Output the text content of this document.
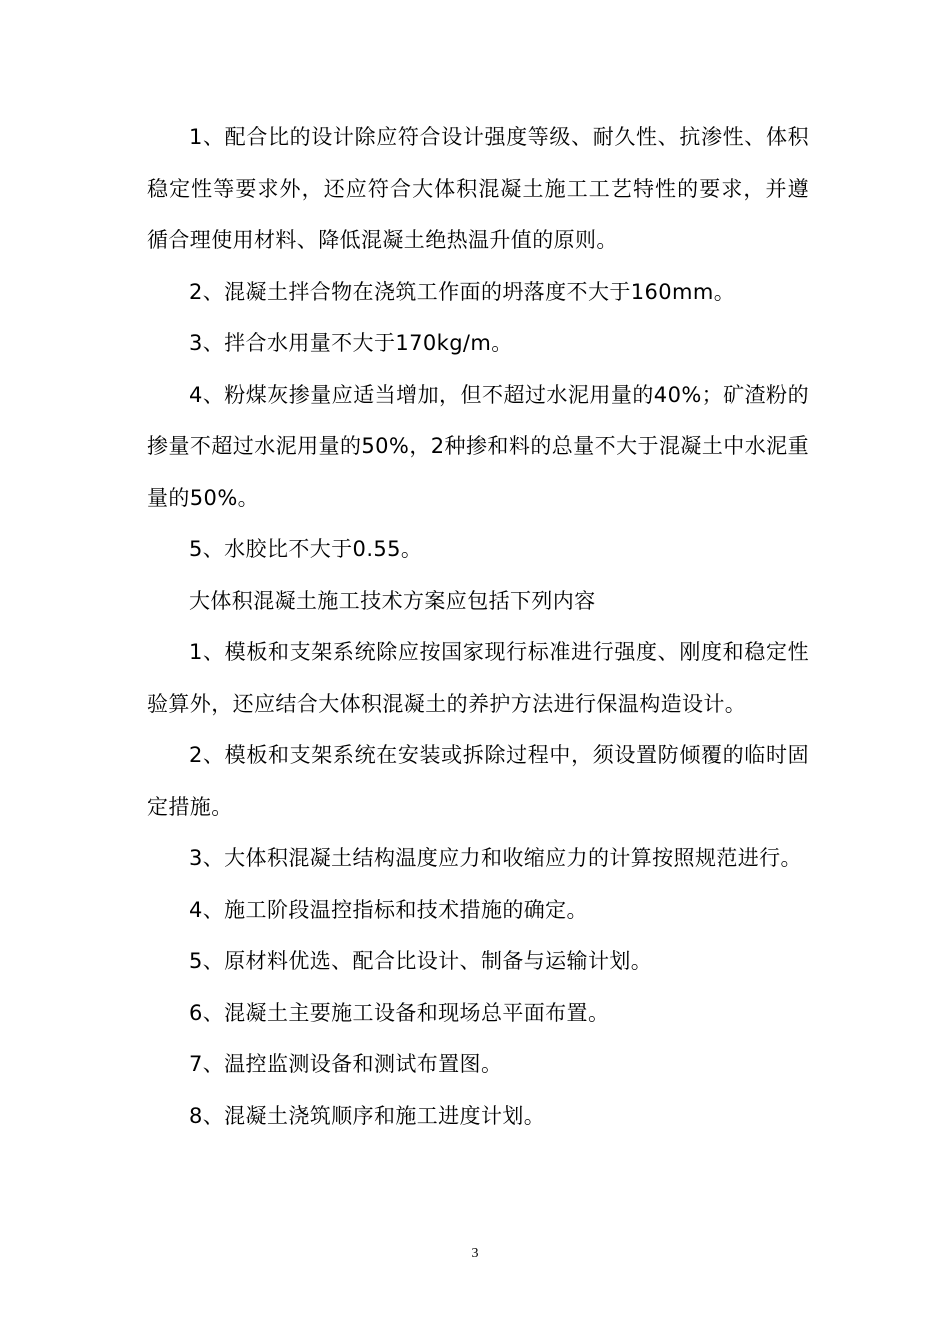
1、配合比的设计除应符合设计强度等级、耐久性、抗渗性、体积稳定性等要求外，还应符合大体积混凝土施工工艺特性的要求，并遵循合理使用材料、降低混凝土绝热温升值的原则。

2、混凝土拌合物在浇筑工作面的坍落度不大于160mm。

3、拌合水用量不大于170kg/m。

4、粉煤灰掺量应适当增加，但不超过水泥用量的40%；矿渣粉的掺量不超过水泥用量的50%，2种掺和料的总量不大于混凝土中水泥重量的50%。

5、水胶比不大于0.55。

大体积混凝土施工技术方案应包括下列内容

1、模板和支架系统除应按国家现行标准进行强度、刚度和稳定性验算外，还应结合大体积混凝土的养护方法进行保温构造设计。

2、模板和支架系统在安装或拆除过程中，须设置防倾覆的临时固定措施。

3、大体积混凝土结构温度应力和收缩应力的计算按照规范进行。

4、施工阶段温控指标和技术措施的确定。

5、原材料优选、配合比设计、制备与运输计划。

6、混凝土主要施工设备和现场总平面布置。

7、温控监测设备和测试布置图。

8、混凝土浇筑顺序和施工进度计划。

3
